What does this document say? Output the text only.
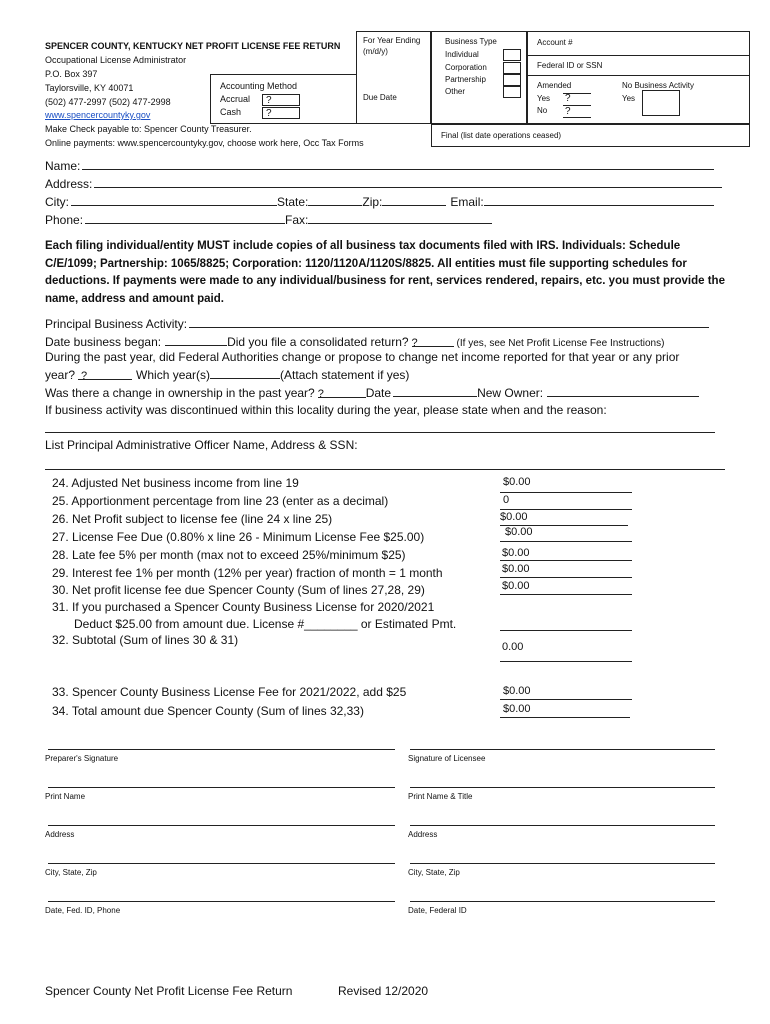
SPENCER COUNTY, KENTUCKY NET PROFIT LICENSE FEE RETURN
Occupational License Administrator
P.O. Box 397
Taylorsville, KY 40071
(502) 477-2997 (502) 477-2998
www.spencercountyky.gov
Make Check payable to: Spencer County Treasurer.
Online payments: www.spencercountyky.gov, choose work here, Occ Tax Forms
Accounting Method
Accrual ?
Cash ?
For Year Ending
(m/d/y)
Due Date
Business Type
Individual
Corporation
Partnership
Other
Account #
Federal ID or SSN
Amended
Yes
No
?
?
No Business Activity
Yes
Final (list date operations ceased)
Name:
Address:
City:	State:	Zip:	Email:
Phone:	Fax:
Each filing individual/entity MUST include copies of all business tax documents filed with IRS. Individuals: Schedule C/E/1099; Partnership: 1065/8825; Corporation: 1120/1120A/1120S/8825. All entities must file supporting schedules for deductions. If payments were made to any individual/business for rent, services rendered, repairs, etc. you must provide the name, address and amount paid.
Principal Business Activity:
Date business began:	Did you file a consolidated return? ?	(If yes, see Net Profit License Fee Instructions)
During the past year, did Federal Authorities change or propose to change net income reported for that year or any prior
year? ?	Which year(s)	(Attach statement if yes)
Was there a change in ownership in the past year? ?	Date	New Owner:
If business activity was discontinued within this locality during the year, please state when and the reason:
List Principal Administrative Officer Name, Address & SSN:
24. Adjusted Net business income from line 19	$0.00
25. Apportionment percentage from line 23 (enter as a decimal)	0
26. Net Profit subject to license fee (line 24 x line 25)	$0.00
27. License Fee Due (0.80% x line 26 - Minimum License Fee $25.00)	$0.00
28. Late fee 5% per month (max not to exceed 25%/minimum $25)	$0.00
29. Interest fee 1% per month (12% per year) fraction of month = 1 month	$0.00
30. Net profit license fee due Spencer County (Sum of lines 27,28, 29)	$0.00
31. If you purchased a Spencer County Business License for 2020/2021
Deduct $25.00 from amount due. License #________ or Estimated Pmt.
32. Subtotal (Sum of lines 30 & 31)	0.00
33. Spencer County Business License Fee for 2021/2022, add $25	$0.00
34. Total amount due Spencer County (Sum of lines 32,33)	$0.00
Preparer's Signature	Signature of Licensee
Print Name	Print Name & Title
Address	Address
City, State, Zip	City, State, Zip
Date, Fed. ID, Phone	Date, Federal ID
Spencer County Net Profit License Fee Return	Revised 12/2020
